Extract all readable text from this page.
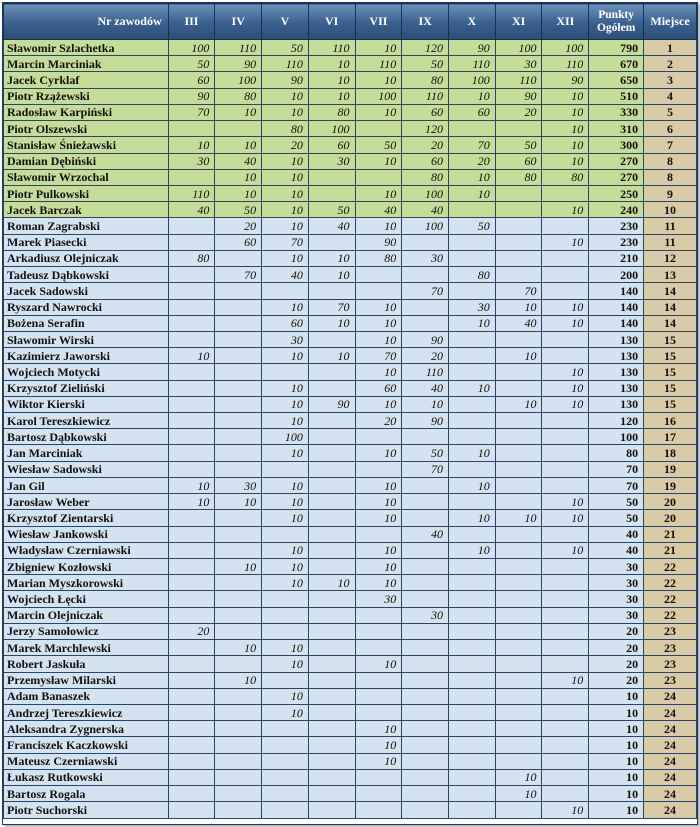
Nr zawodów	III	IV	V	VI	VII	IX	X	XI	XII	Punkty Ogółem	Miejsce
Sławomir Szlachetka	100	110	50	110	10	120	90	100	100	790	1
Marcin Marciniak	50	90	110	10	110	50	110	30	110	670	2
Jacek Cyrklaf	60	100	90	10	10	80	100	110	90	650	3
Piotr Rzążewski	90	80	10	10	100	110	10	90	10	510	4
Radosław Karpiński	70	10	10	80	10	60	60	20	10	330	5
Piotr Olszewski			80	100		120			10	310	6
Stanisław Śnieżawski	10	10	20	60	50	20	70	50	10	300	7
Damian Dębiński	30	40	10	30	10	60	20	60	10	270	8
Sławomir Wrzochal		10	10			80	10	80	80	270	8
Piotr Pulkowski	110	10	10		10	100	10			250	9
Jacek Barczak	40	50	10	50	40	40			10	240	10
Roman Zagrabski		20	10	40	10	100	50			230	11
Marek Piasecki		60	70		90				10	230	11
Arkadiusz Olejniczak	80		10	10	80	30				210	12
Tadeusz Dąbkowski		70	40	10			80			200	13
Jacek Sadowski						70		70		140	14
Ryszard Nawrocki			10	70	10		30	10	10	140	14
Bożena Serafin			60	10	10		10	40	10	140	14
Sławomir Wirski			30		10	90				130	15
Kazimierz Jaworski	10		10	10	70	20		10		130	15
Wojciech Motycki					10	110			10	130	15
Krzysztof Zieliński			10		60	40	10		10	130	15
Wiktor Kierski			10	90	10	10		10	10	130	15
Karol Tereszkiewicz			10		20	90				120	16
Bartosz Dąbkowski			100							100	17
Jan Marciniak			10		10	50	10			80	18
Wiesław Sadowski						70				70	19
Jan Gil	10	30	10		10		10			70	19
Jarosław Weber	10	10	10		10				10	50	20
Krzysztof Zientarski			10		10		10	10	10	50	20
Wiesław Jankowski						40				40	21
Władysław Czerniawski			10		10		10		10	40	21
Zbigniew Kozłowski		10	10		10					30	22
Marian Myszkorowski			10	10	10					30	22
Wojciech Łęcki					30					30	22
Marcin Olejniczak						30				30	22
Jerzy Samołowicz	20									20	23
Marek Marchlewski		10	10							20	23
Robert Jaskuła			10		10					20	23
Przemysław Milarski		10							10	20	23
Adam Banaszek			10							10	24
Andrzej Tereszkiewicz			10							10	24
Aleksandra Zygnerska					10					10	24
Franciszek Kaczkowski					10					10	24
Mateusz Czerniawski					10					10	24
Łukasz Rutkowski								10		10	24
Bartosz Rogala								10		10	24
Piotr Suchorski									10	10	24
